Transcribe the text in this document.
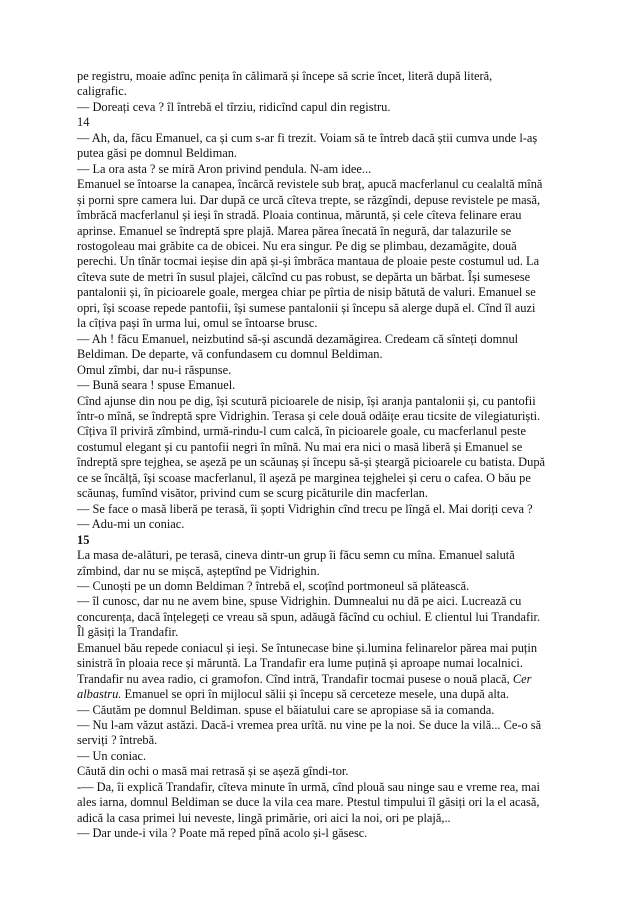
pe registru, moaie adînc penița în călimară și începe să scrie încet, literă după literă,
caligrafic.
— Doreați ceva ? îl întrebă el tîrziu, ridicînd capul din registru.
14
— Ah, da, făcu Emanuel, ca și cum s-ar fi trezit. Voiam să te întreb dacă știi cumva unde l-aș
putea găsi pe domnul Beldiman.
— La ora asta ? se miră Aron privind pendula. N-am idee...
Emanuel se întoarse la canapea, încărcă revistele sub braț, apucă macferlanul cu cealaltă mînă
și porni spre camera lui. Dar după ce urcă cîteva trepte, se răzgîndi, depuse revistele pe masă,
îmbrăcă macferlanul și ieși în stradă. Ploaia continua, măruntă, și cele cîteva felinare erau
aprinse. Emanuel se îndreptă spre plajă. Marea părea înecată în negură, dar talazurile se
rostogoleau mai grăbite ca de obicei. Nu era singur. Pe dig se plimbau, dezamăgite, două
perechi. Un tînăr tocmai ieșise din apă și-și îmbrăca mantaua de ploaie peste costumul ud. La
cîteva sute de metri în susul plajei, călcînd cu pas robust, se depărta un bărbat. Își sumesese
pantalonii și, în picioarele goale, mergea chiar pe pîrtia de nisip bătută de valuri. Emanuel se
opri, își scoase repede pantofii, își sumese pantalonii și începu să alerge după el. Cînd îl auzi
la cîțiva pași în urma lui, omul se întoarse brusc.
— Ah ! făcu Emanuel, neizbutind să-și ascundă dezamăgirea. Credeam că sînteți domnul
Beldiman. De departe, vă confundasem cu domnul Beldiman.
Omul zîmbi, dar nu-i răspunse.
— Bună seara ! spuse Emanuel.
Cînd ajunse din nou pe dig, își scutură picioarele de nisip, își aranja pantalonii și, cu pantofii
într-o mînă, se îndreptă spre Vidrighin. Terasa și cele două odăițe erau ticsite de vilegiaturiști.
Cîțiva îl priviră zîmbind, urmă-rindu-l cum calcă, în picioarele goale, cu macferlanul peste
costumul elegant și cu pantofii negri în mînă. Nu mai era nici o masă liberă și Emanuel se
îndreptă spre tejghea, se așeză pe un scăunaș și începu să-și șteargă picioarele cu batista. După
ce se încălță, își scoase macferlanul, îl așeză pe marginea tejghelei și ceru o cafea. O bău pe
scăunaș, fumînd visător, privind cum se scurg picăturile din macferlan.
— Se face o masă liberă pe terasă, îi șopti Vidrighin cînd trecu pe lîngă el. Mai doriți ceva ?
— Adu-mi un coniac.
15
La masa de-alături, pe terasă, cineva dintr-un grup îi făcu semn cu mîna. Emanuel salută
zîmbind, dar nu se mișcă, așteptînd pe Vidrighin.
— Cunoști pe un domn Beldiman ? întrebă el, scoțînd portmoneul să plătească.
— îl cunosc, dar nu ne avem bine, spuse Vidrighin. Dumnealui nu dă pe aici. Lucrează cu
concurența, dacă înțelegeți ce vreau să spun, adăugă făcînd cu ochiul. E clientul lui Trandafir.
Îl găsiți la Trandafir.
Emanuel bău repede coniacul și ieși. Se întunecase bine și.lumina felinarelor părea mai puțin
sinistră în ploaia rece și măruntă. La Trandafir era lume puțină și aproape numai localnici.
Trandafir nu avea radio, ci gramofon. Cînd intră, Trandafir tocmai pusese o nouă placă, Cer
albastru. Emanuel se opri în mijlocul sălii și începu să cerceteze mesele, una după alta.
— Căutăm pe domnul Beldiman. spuse el băiatului care se apropiase să ia comanda.
— Nu l-am văzut astăzi. Dacă-i vremea prea urîtă. nu vine pe la noi. Se duce la vilă... Ce-o să
serviți ? întrebă.
— Un coniac.
Căută din ochi o masă mai retrasă și se așeză gîndi-tor.
-— Da, îi explică Trandafir, cîteva minute în urmă, cînd plouă sau ninge sau e vreme rea, mai
ales iarna, domnul Beldiman se duce la vila cea mare. Ptestul timpului îl găsiți ori la el acasă,
adică la casa primei lui neveste, lingă primărie, ori aici la noi, ori pe plajă,..
— Dar unde-i vila ? Poate mă reped pînă acolo și-l găsesc.
